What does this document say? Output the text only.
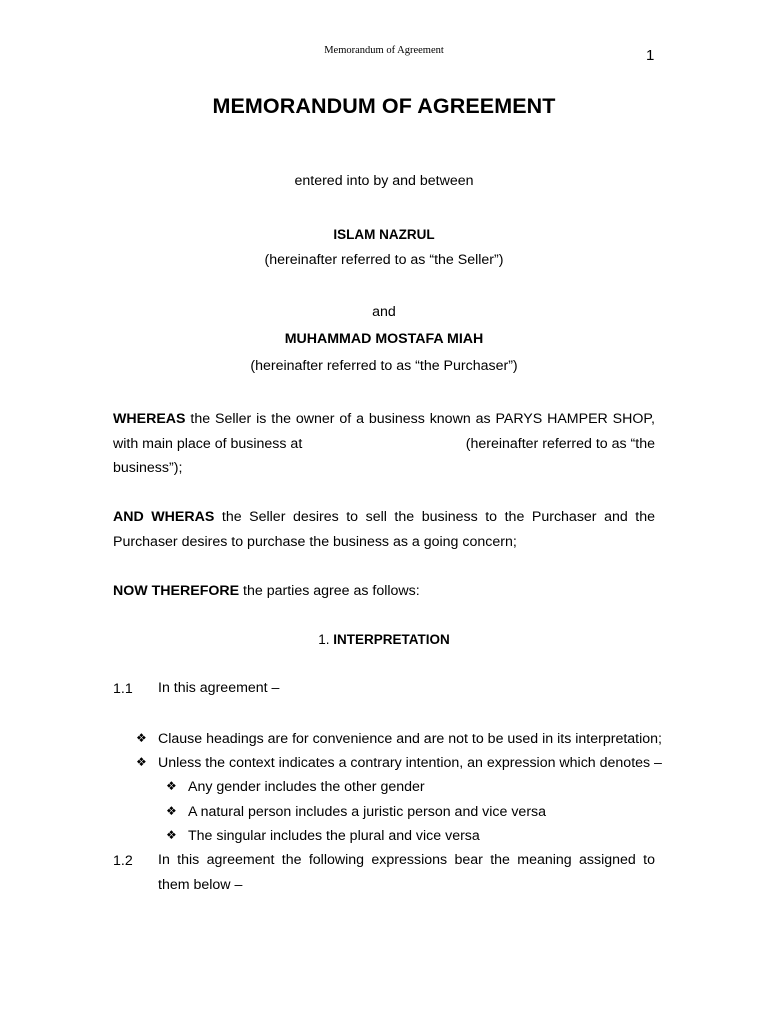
Memorandum of Agreement	1
MEMORANDUM OF AGREEMENT
entered into by and between
ISLAM NAZRUL
(hereinafter referred to as “the Seller”)
and
MUHAMMAD MOSTAFA MIAH
(hereinafter referred to as “the Purchaser”)
WHEREAS the Seller is the owner of a business known as PARYS HAMPER SHOP,
with main place of business at	(hereinafter referred to as “the
business”);
AND WHERAS the Seller desires to sell the business to the Purchaser and the Purchaser desires to purchase the business as a going concern;
NOW THEREFORE the parties agree as follows:
1. INTERPRETATION
1.1 In this agreement –
❖ Clause headings are for convenience and are not to be used in its interpretation;
❖ Unless the context indicates a contrary intention, an expression which denotes –
❖ Any gender includes the other gender
❖ A natural person includes a juristic person and vice versa
❖ The singular includes the plural and vice versa
1.2 In this agreement the following expressions bear the meaning assigned to them below –
